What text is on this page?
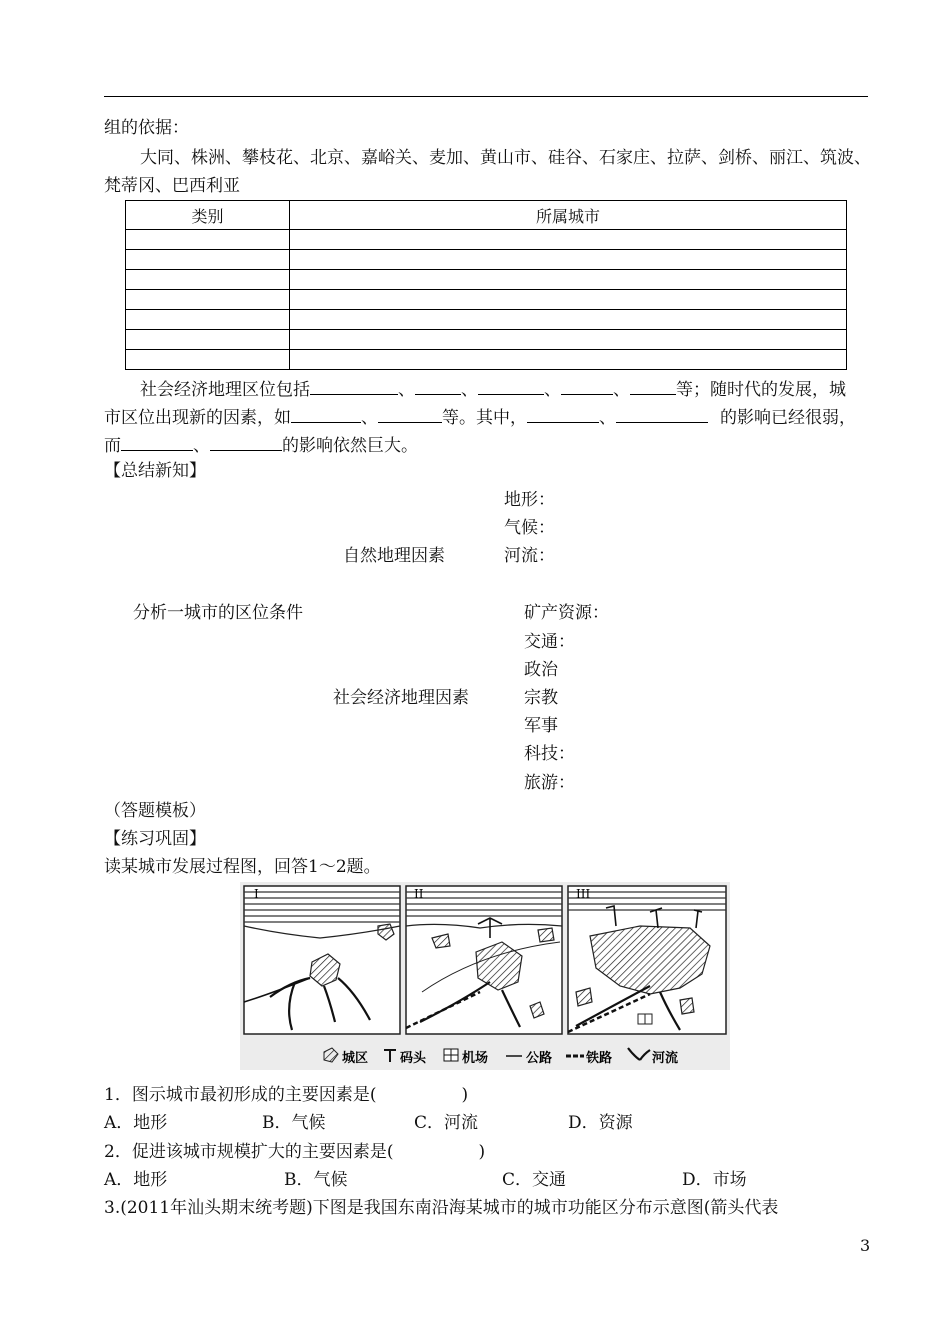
组的依据：
大同、株洲、攀枝花、北京、嘉峪关、麦加、黄山市、硅谷、石家庄、拉萨、剑桥、丽江、筑波、
梵蒂冈、巴西利亚
类别	所属城市

社会经济地理区位包括	、	、	、	、	等；随时代的发展，城
市区位出现新的因素，如	、	等。其中，	、	的影响已经很弱，
而	、	的影响依然巨大。
【总结新知】
地形：
气候：
自然地理因素	河流：
分析一城市的区位条件	矿产资源：
交通：
政治
社会经济地理因素	宗教
军事
科技：
旅游：
（答题模板）
【练习巩固】
读某城市发展过程图，回答1～2题。
I	II	III
城区 码头	机场	公路	铁路	河流
1．图示城市最初形成的主要因素是(　　　　　)
A．地形	B．气候	C．河流	D．资源
2．促进该城市规模扩大的主要因素是(　　　　　)
A．地形	B．气候	C．交通	D．市场
3.(2011年汕头期末统考题)下图是我国东南沿海某城市的城市功能区分布示意图(箭头代表
3
